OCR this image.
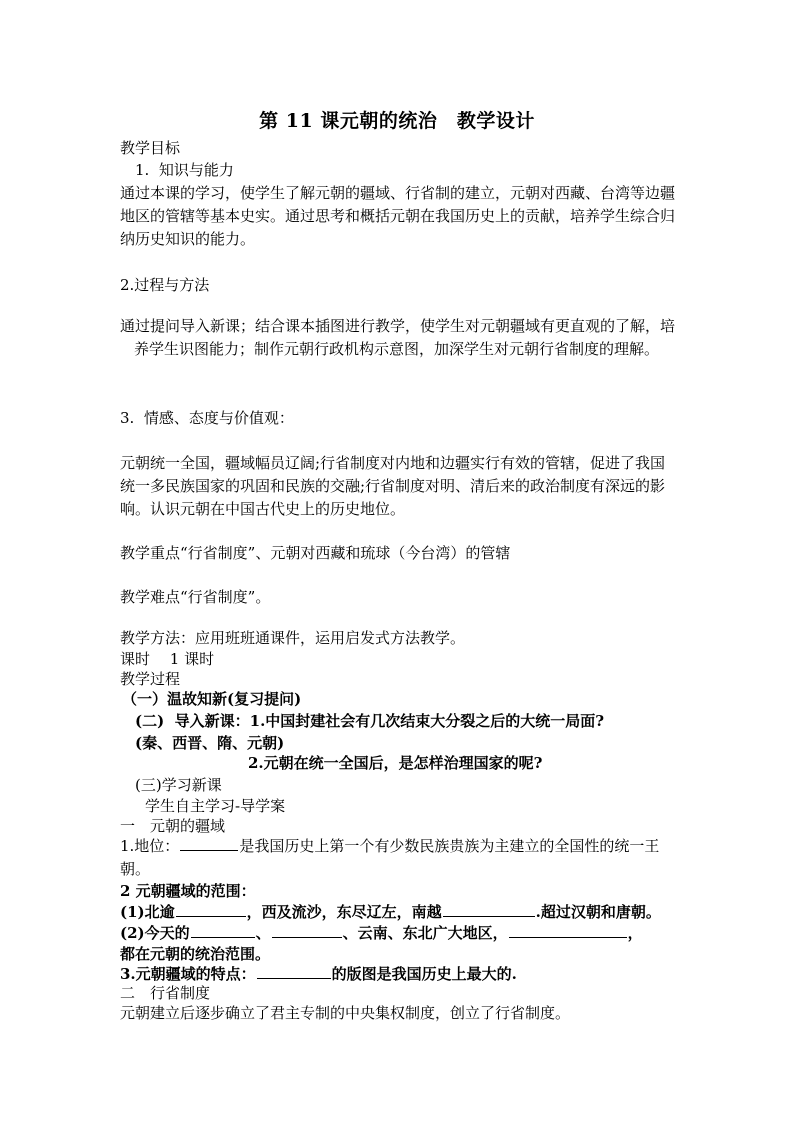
第 11 课元朝的统治　教学设计
教学目标
1.  知识与能力
通过本课的学习，使学生了解元朝的疆域、行省制的建立，元朝对西藏、台湾等边疆地区的管辖等基本史实。通过思考和概括元朝在我国历史上的贡献，培养学生综合归纳历史知识的能力。
2.过程与方法
通过提问导入新课；结合课本插图进行教学，使学生对元朝疆域有更直观的了解，培养学生识图能力；制作元朝行政机构示意图，加深学生对元朝行省制度的理解。
3.  情感、态度与价值观：
元朝统一全国，疆域幅员辽阔;行省制度对内地和边疆实行有效的管辖，促进了我国统一多民族国家的巩固和民族的交融;行省制度对明、清后来的政治制度有深远的影响。认识元朝在中国古代史上的历史地位。
教学重点“行省制度”、元朝对西藏和琉球（今台湾）的管辖
教学难点“行省制度”。
教学方法：应用班班通课件，运用启发式方法教学。
课时　 1 课时
教学过程
（一）温故知新(复习提问)
(二)  导入新课：1.中国封建社会有几次结束大分裂之后的大统一局面?
(秦、西晋、隋、元朝)
2.元朝在统一全国后，是怎样治理国家的呢?
(三)学习新课
学生自主学习-导学案
一　元朝的疆域
1.地位：	是我国历史上第一个有少数民族贵族为主建立的全国性的统一王朝。
2 元朝疆域的范围：
(1)北逾	，西及流沙，东尽辽左，南越	.超过汉朝和唐朝。
(2)今天的	、	、云南、东北广大地区，	，
都在元朝的统治范围。
3.元朝疆域的特点：	的版图是我国历史上最大的.
二　行省制度
元朝建立后逐步确立了君主专制的中央集权制度，创立了行省制度。
